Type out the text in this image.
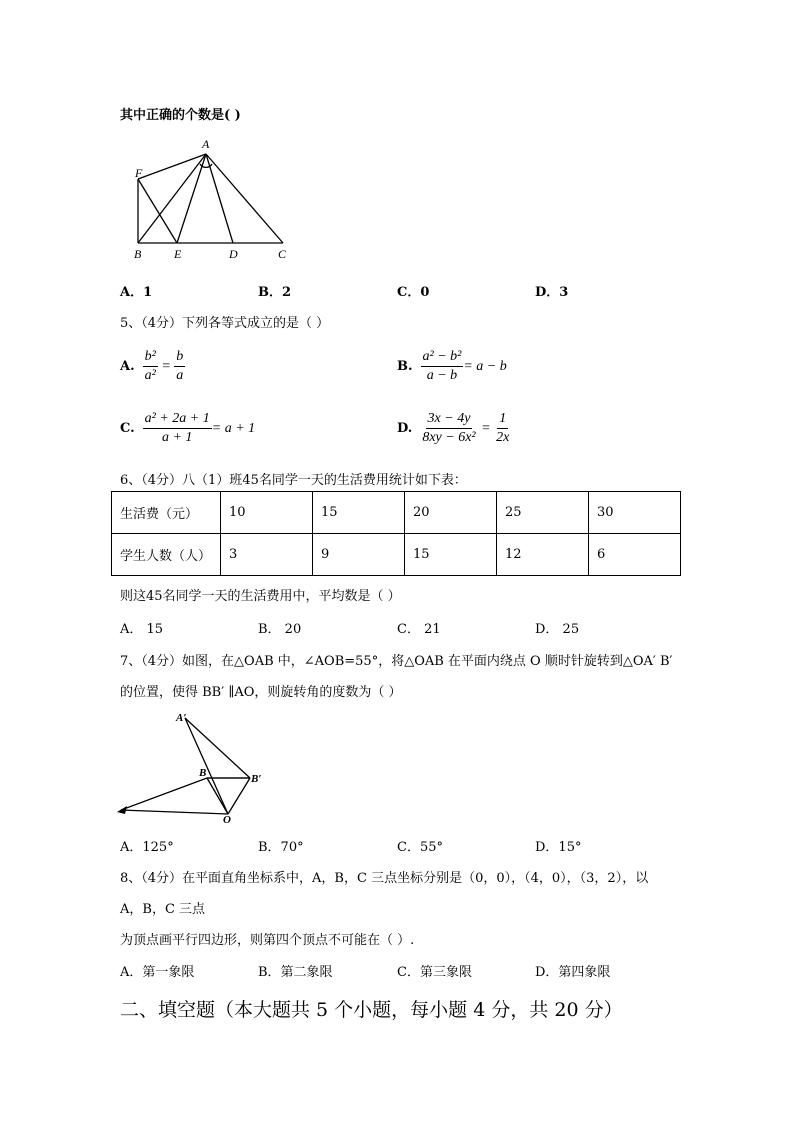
其中正确的个数是( )
A
F
B	E	D	C
A．1	B．2	C．0	D．3
5、（4分）下列各等式成立的是（ ）
A. $\frac{\text{b²}}{\text{a²}} = \frac{b}{a}$	B. $\frac{\text{a² − b²}}{a - b} = a - b$
C. $\frac{\text{a² + 2a + 1}}{a + 1} = a + 1$	D. $\frac{3x - 4y}{\text{8xy − 6x²}} = \frac{1}{2x}$
6、（4分）八（1）班45名同学一天的生活费用统计如下表：
生活费（元）	10	15	20	25	30
学生人数（人）	3	9	15	12	6
则这45名同学一天的生活费用中，平均数是（ ）
A． 15	B． 20	C． 21	D． 25
7、（4分）如图，在△OAB 中，∠AOB=55°，将△OAB 在平面内绕点 O 顺时针旋转到△OA′ B′
的位置，使得 BB′ ∥AO，则旋转角的度数为（ ）
A′
B	B′
O
A．125°	B．70°	C．55°	D．15°
8、（4分）在平面直角坐标系中，A，B，C 三点坐标分别是（0，0），（4，0），（3，2），以
A，B，C 三点
为顶点画平行四边形，则第四个顶点不可能在（ ）.
A．第一象限	B．第二象限	C．第三象限	D．第四象限
二、填空题（本大题共 5 个小题，每小题 4 分，共 20 分）
